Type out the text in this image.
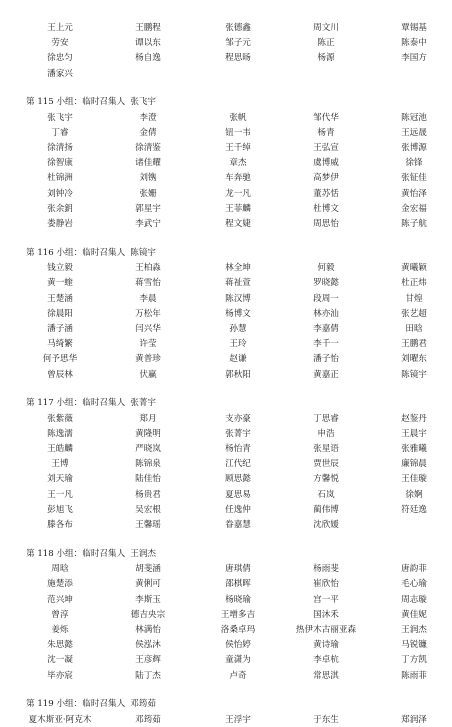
王上元	王鹏程	张德鑫	周文川	覃锡基
劳安	谭以东	邹子元	陈正	陈泰中
徐忠匀	杨自逸	程思旸	杨源	李国方
潘家兴
第 115 小组：临时召集人 张飞宇
张飞宇	李澄	张帆	邹代华	陈冠池
丁睿	金倩	钮一韦	杨青	王远晟
徐清扬	徐清鉴	王千绰	王弘宣	张博源
徐智康	诸佳耀	章杰	虞博威	徐锋
杜锦洲	刘镌	车奔驰	高梦伊	张钲佳
刘钟冷	张姗	龙一凡	董苏恬	黄怡泽
张余鈅	郭星宇	王菲麟	杜博文	金宏福
娄静岩	李武宁	程文婕	周思怡	陈子航
第 116 小组：临时召集人 陈镜宇
钱立毅	王柏淼	林全坤	何毅	黄曦颖
黄一蝰	蒋雪怡	蒋祉萱	罗晓懿	杜正炜
王楚涵	李晨	陈汉博	段周一	甘煌
徐晨阳	万松年	杨博文	林亦汕	张艺超
潘子涵	闫兴华	孙慧	李嘉倩	田晗
马绮繁	许莹	王玲	李千一	王鹏君
何予思华	黄普珍	赵谦	潘子怡	刘曜东
曾辰林	伏赢	郭秋阳	黄嘉正	陈镜宇
第 117 小组：临时召集人 张菁宇
张紫薇	郑月	支亦豪	丁思睿	赵鉴丹
陈逸濡	黄隆明	张菁宇	申浩	王晨宇
王皓麟	严晓岚	杨怡青	张星语	张雅曦
王博	陈锦泉	江代纪	贾世辰	廉锦晨
刘天瑜	陆佳怡	顾思懿	方馨悦	王佳璇
王一凡	杨贵君	夏思易	石岚	徐婀
彭旭飞	吴宏根	任逸仲	蔺伟博	符廷逸
滕各布	王馨瑶	眷嘉慧	沈欣媛
第 118 小组：临时召集人 王润杰
周晗	胡斐涵	唐琪倩	杨雨斐	唐韵菲
施楚添	黄俐可	邵棋晖	崔欣怡	毛心瑜
范兴坤	李斯玉	杨晓瑜	宫一平	周志璇
曾淳	德吉央宗	王增多吉	国沐禾	黄佳妮
姜烁	林满怡	洛桑卓玛	热伊木古丽亚森	王润杰
朱思懿	侯泓沐	侯怡婷	黄诗瑜	马锐镰
沈一凝	王彦辉	童潇为	李卓杭	丁方凯
毕亦宸	陆丁杰	卢奇	常思淇	陈雨菲
第 119 小组：临时召集人 邓筠茹
夏木斯亚·阿克木	邓筠茹	王浮宇	于东生	郑润泽
